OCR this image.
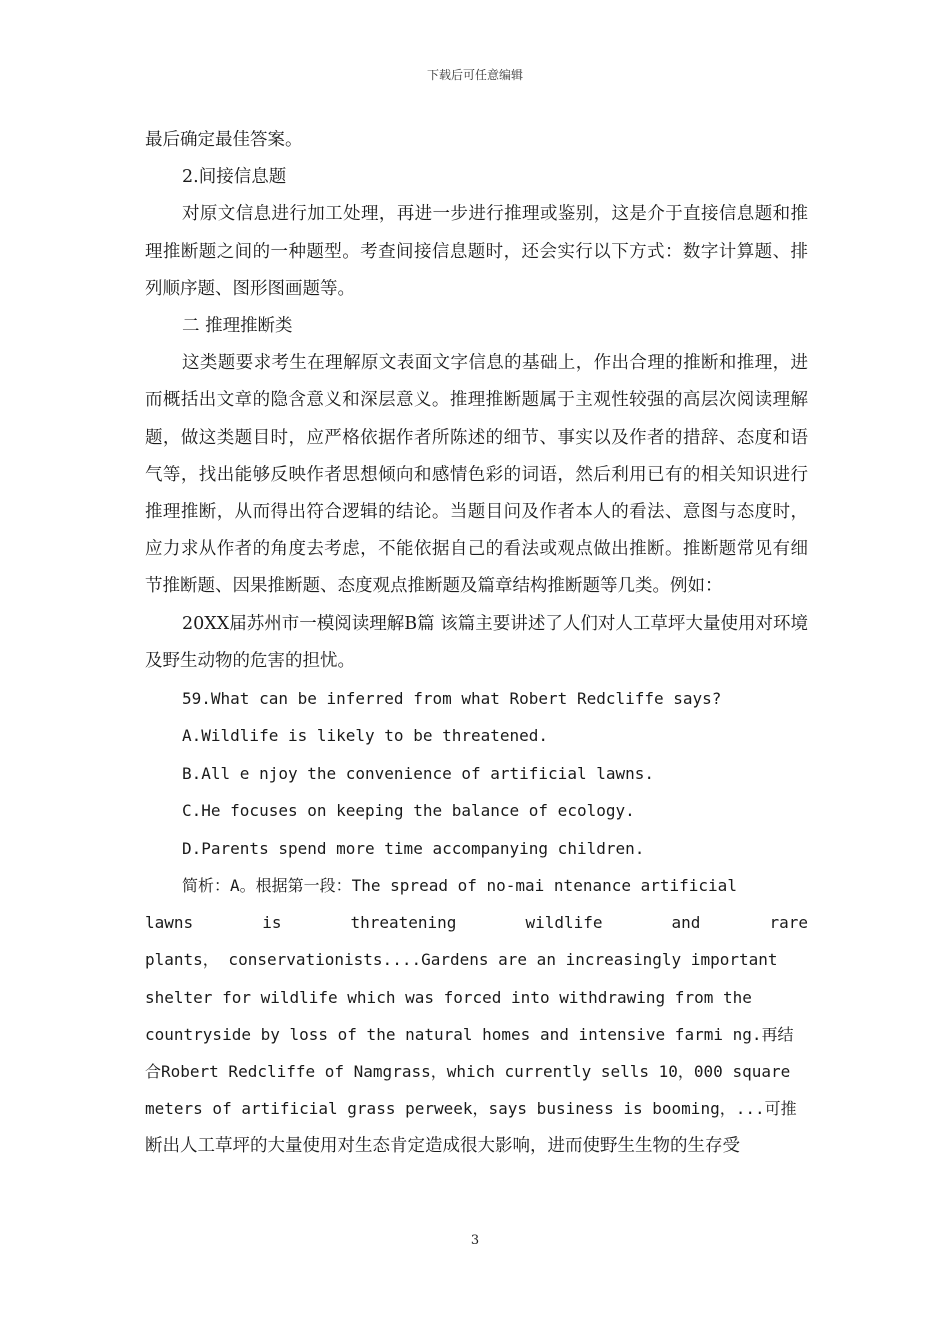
下载后可任意编辑

最后确定最佳答案。

2.间接信息题

对原文信息进行加工处理，再进一步进行推理或鉴别，这是介于直接信息题和推理推断题之间的一种题型。考查间接信息题时，还会实行以下方式：数字计算题、排列顺序题、图形图画题等。

二 推理推断类

这类题要求考生在理解原文表面文字信息的基础上，作出合理的推断和推理，进而概括出文章的隐含意义和深层意义。推理推断题属于主观性较强的高层次阅读理解题，做这类题目时，应严格依据作者所陈述的细节、事实以及作者的措辞、态度和语气等，找出能够反映作者思想倾向和感情色彩的词语，然后利用已有的相关知识进行推理推断，从而得出符合逻辑的结论。当题目问及作者本人的看法、意图与态度时，应力求从作者的角度去考虑，不能依据自己的看法或观点做出推断。推断题常见有细节推断题、因果推断题、态度观点推断题及篇章结构推断题等几类。例如：

20XX届苏州市一模阅读理解B篇 该篇主要讲述了人们对人工草坪大量使用对环境及野生动物的危害的担忧。

59.What can be inferred from what Robert Redcliffe says?

A.Wildlife is likely to be threatened.

B.All e njoy the convenience of artificial lawns.

C.He focuses on keeping the balance of ecology.

D.Parents spend more time accompanying children.

简析：A。根据第一段：The spread of no-mai ntenance artificial

lawns	is	threatening	wildlife	and	rare

plants， conservationists....Gardens are an increasingly important

shelter for wildlife which was forced into withdrawing from the

countryside by loss of the natural homes and intensive farmi ng.再结

合Robert Redcliffe of Namgrass，which currently sells 10，000 square

meters of artificial grass perweek，says business is booming，...可推

断出人工草坪的大量使用对生态肯定造成很大影响，进而使野生生物的生存受

3
